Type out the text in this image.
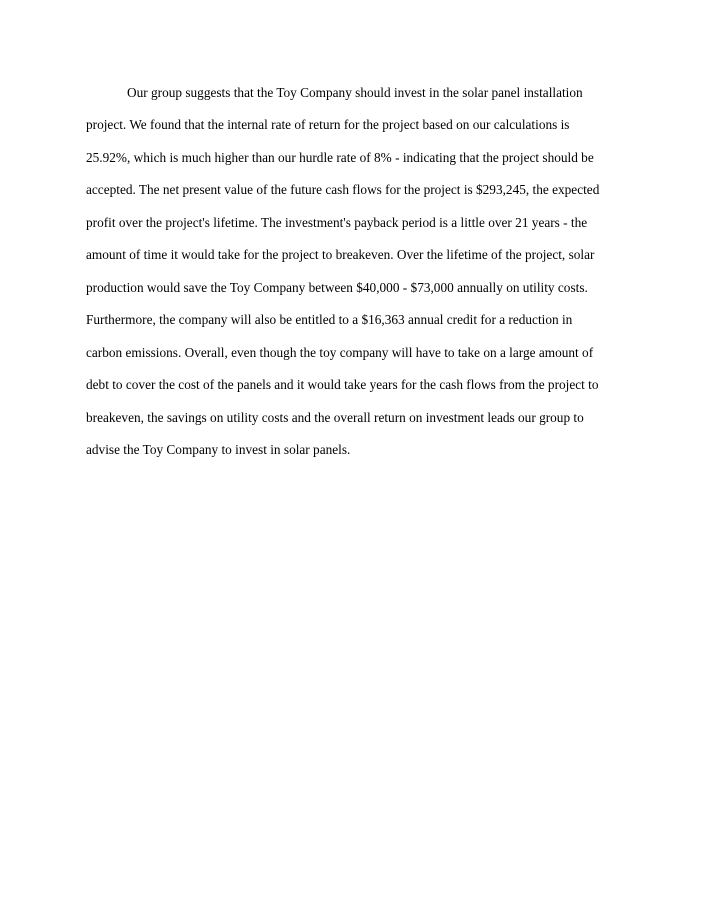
Our group suggests that the Toy Company should invest in the solar panel installation

project. We found that the internal rate of return for the project based on our calculations is

25.92%, which is much higher than our hurdle rate of 8% - indicating that the project should be

accepted. The net present value of the future cash flows for the project is $293,245, the expected

profit over the project's lifetime. The investment's payback period is a little over 21 years - the

amount of time it would take for the project to breakeven. Over the lifetime of the project, solar

production would save the Toy Company between $40,000 - $73,000 annually on utility costs.

Furthermore, the company will also be entitled to a $16,363 annual credit for a reduction in

carbon emissions. Overall, even though the toy company will have to take on a large amount of

debt to cover the cost of the panels and it would take years for the cash flows from the project to

breakeven, the savings on utility costs and the overall return on investment leads our group to

advise the Toy Company to invest in solar panels.
